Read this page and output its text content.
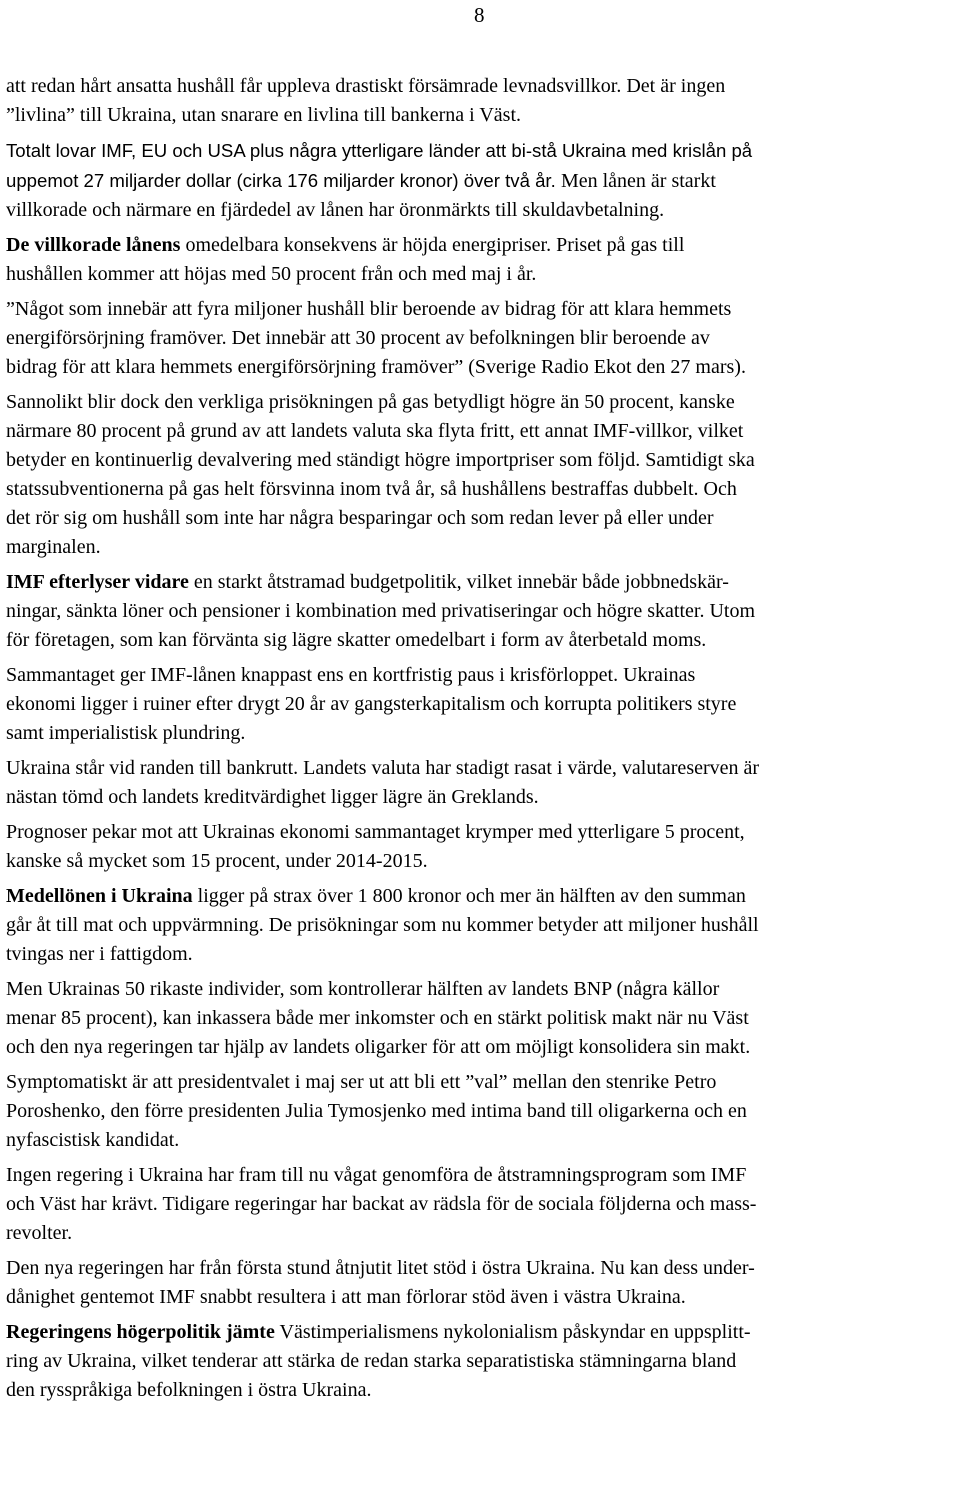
8
att redan hårt ansatta hushåll får uppleva drastiskt försämrade levnadsvillkor. Det är ingen
”livlina” till Ukraina, utan snarare en livlina till bankerna i Väst.
Totalt lovar IMF, EU och USA plus några ytterligare länder att bi-stå Ukraina med krislån på
uppemot 27 miljarder dollar (cirka 176 miljarder kronor) över två år. Men lånen är starkt
villkorade och närmare en fjärdedel av lånen har öronmärkts till skuldavbetalning.
De villkorade lånens omedelbara konsekvens är höjda energipriser. Priset på gas till
hushållen kommer att höjas med 50 procent från och med maj i år.
”Något som innebär att fyra miljoner hushåll blir beroende av bidrag för att klara hemmets
energiförsörjning framöver. Det innebär att 30 procent av befolkningen blir beroende av
bidrag för att klara hemmets energiförsörjning framöver” (Sverige Radio Ekot den 27 mars).
Sannolikt blir dock den verkliga prisökningen på gas betydligt högre än 50 procent, kanske
närmare 80 procent på grund av att landets valuta ska flyta fritt, ett annat IMF-villkor, vilket
betyder en kontinuerlig devalvering med ständigt högre importpriser som följd. Samtidigt ska
statssubventionerna på gas helt försvinna inom två år, så hushållens bestraffas dubbelt. Och
det rör sig om hushåll som inte har några besparingar och som redan lever på eller under
marginalen.
IMF efterlyser vidare en starkt åtstramad budgetpolitik, vilket innebär både jobbnedskär-
ningar, sänkta löner och pensioner i kombination med privatiseringar och högre skatter. Utom
för företagen, som kan förvänta sig lägre skatter omedelbart i form av återbetald moms.
Sammantaget ger IMF-lånen knappast ens en kortfristig paus i krisförloppet. Ukrainas
ekonomi ligger i ruiner efter drygt 20 år av gangsterkapitalism och korrupta politikers styre
samt imperialistisk plundring.
Ukraina står vid randen till bankrutt. Landets valuta har stadigt rasat i värde, valutareserven är
nästan tömd och landets kreditvärdighet ligger lägre än Greklands.
Prognoser pekar mot att Ukrainas ekonomi sammantaget krymper med ytterligare 5 procent,
kanske så mycket som 15 procent, under 2014-2015.
Medellönen i Ukraina ligger på strax över 1 800 kronor och mer än hälften av den summan
går åt till mat och uppvärmning. De prisökningar som nu kommer betyder att miljoner hushåll
tvingas ner i fattigdom.
Men Ukrainas 50 rikaste individer, som kontrollerar hälften av landets BNP (några källor
menar 85 procent), kan inkassera både mer inkomster och en stärkt politisk makt när nu Väst
och den nya regeringen tar hjälp av landets oligarker för att om möjligt konsolidera sin makt.
Symptomatiskt är att presidentvalet i maj ser ut att bli ett ”val” mellan den stenrike Petro
Poroshenko, den förre presidenten Julia Tymosjenko med intima band till oligarkerna och en
nyfascistisk kandidat.
Ingen regering i Ukraina har fram till nu vågat genomföra de åtstramningsprogram som IMF
och Väst har krävt. Tidigare regeringar har backat av rädsla för de sociala följderna och mass-
revolter.
Den nya regeringen har från första stund åtnjutit litet stöd i östra Ukraina. Nu kan dess under-
dånighet gentemot IMF snabbt resultera i att man förlorar stöd även i västra Ukraina.
Regeringens högerpolitik jämte Västimperialismens nykolonialism påskyndar en uppsplitt-
ring av Ukraina, vilket tenderar att stärka de redan starka separatistiska stämningarna bland
den rysspråkiga befolkningen i östra Ukraina.
